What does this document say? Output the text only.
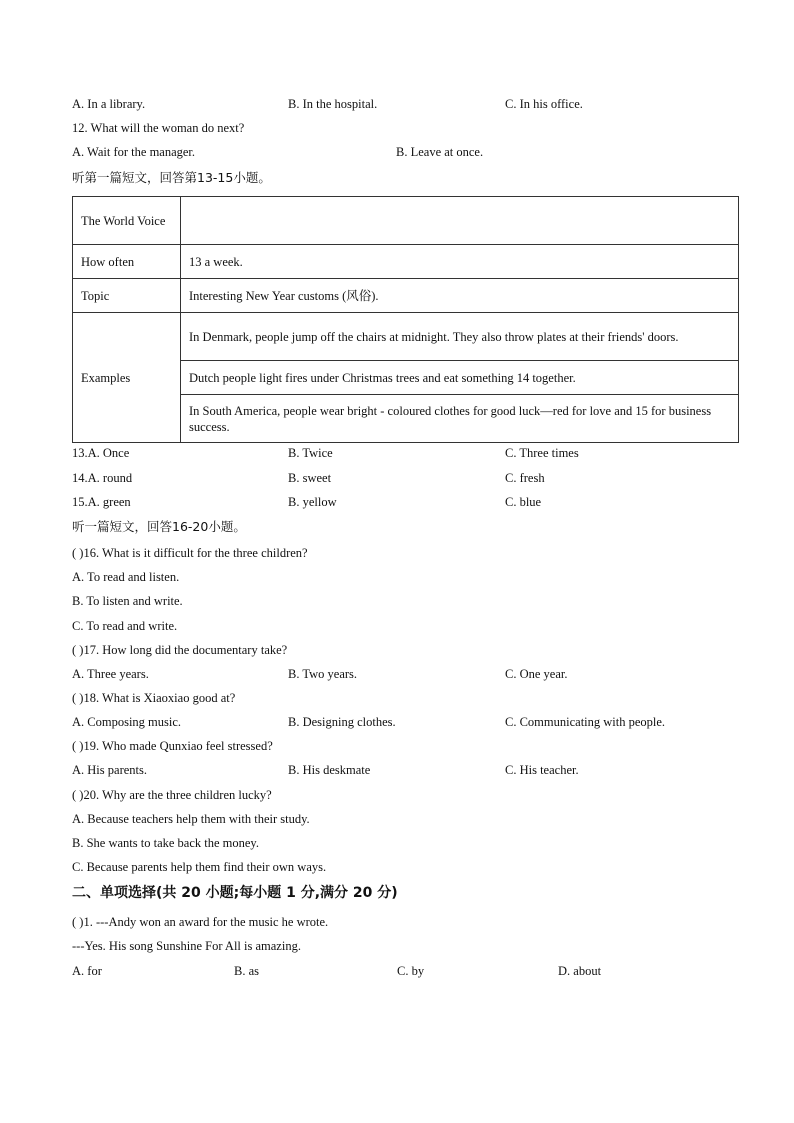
A. In a library.	B. In the hospital.	C. In his office.
12. What will the woman do next?
A. Wait for the manager.	B. Leave at once.
听第一篇短文，回答第13-15小题。
The World Voice	
How often	13 a week.
Topic	Interesting New Year customs (风俗).
Examples	In Denmark, people jump off the chairs at midnight. They also throw plates at their friends' doors.
	Dutch people light fires under Christmas trees and eat something 14 together.
	In South America, people wear bright - coloured clothes for good luck—red for love and 15 for business success.
13.A. Once	B. Twice	C. Three times
14.A. round	B. sweet	C. fresh
15.A. green	B. yellow	C. blue
听一篇短文，回答16-20小题。
( )16. What is it difficult for the three children?
A. To read and listen.
B. To listen and write.
C. To read and write.
( )17. How long did the documentary take?
A. Three years.	B. Two years.	C. One year.
( )18. What is Xiaoxiao good at?
A. Composing music.	B. Designing clothes.	C. Communicating with people.
( )19. Who made Qunxiao feel stressed?
A. His parents.	B. His deskmate	C. His teacher.
( )20. Why are the three children lucky?
A. Because teachers help them with their study.
B. She wants to take back the money.
C. Because parents help them find their own ways.
二、单项选择(共 20 小题;每小题 1 分,满分 20 分)
( )1. ---Andy won an award for the music he wrote.
---Yes. His song Sunshine For All is amazing.
A. for	B. as	C. by	D. about
